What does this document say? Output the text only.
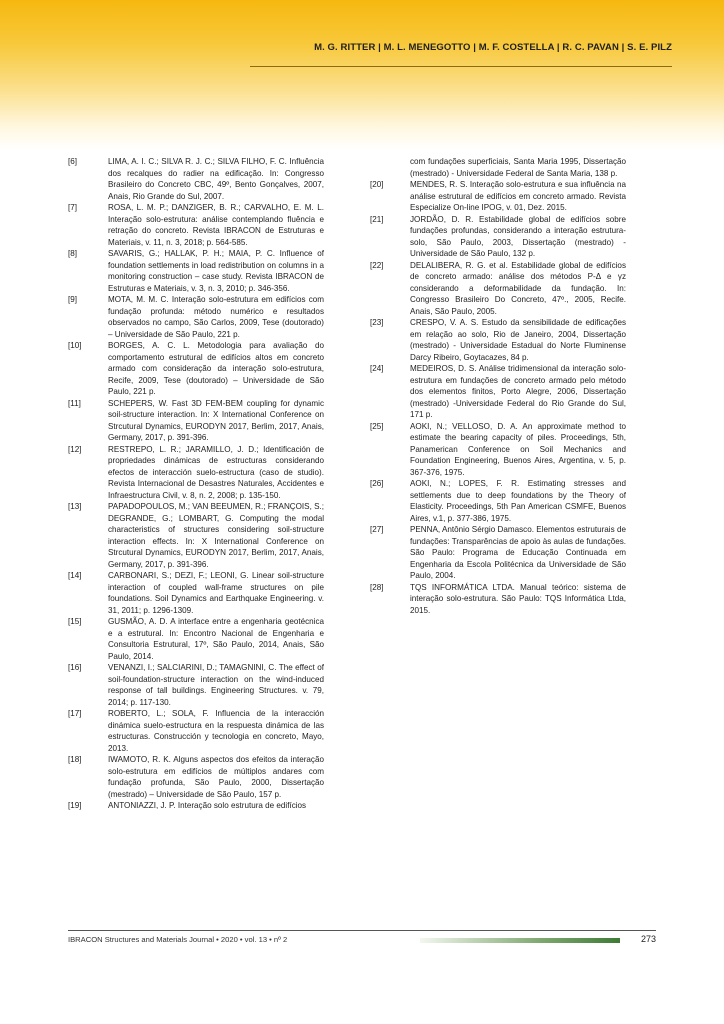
M. G. RITTER | M. L. MENEGOTTO | M. F. COSTELLA | R. C. PAVAN | S. E. PILZ
[6]	LIMA, A. I. C.; SILVA R. J. C.; SILVA FILHO, F. C. Influência dos recalques do radier na edificação. In: Congresso Brasileiro do Concreto CBC, 49º, Bento Gonçalves, 2007, Anais, Rio Grande do Sul, 2007.
[7]	ROSA, L. M. P.; DANZIGER, B. R.; CARVALHO, E. M. L. Interação solo-estrutura: análise contemplando fluência e retração do concreto. Revista IBRACON de Estruturas e Materiais, v. 11, n. 3, 2018; p. 564-585.
[8]	SAVARIS, G.; HALLAK, P. H.; MAIA, P. C. Influence of foundation settlements in load redistribution on columns in a monitoring construction – case study. Revista IBRACON de Estruturas e Materiais, v. 3, n. 3, 2010; p. 346-356.
[9]	MOTA, M. M. C. Interação solo-estrutura em edifícios com fundação profunda: método numérico e resultados observados no campo, São Carlos, 2009, Tese (doutorado) – Universidade de São Paulo, 221 p.
[10]	BORGES, A. C. L. Metodologia para avaliação do comportamento estrutural de edifícios altos em concreto armado com consideração da interação solo-estrutura, Recife, 2009, Tese (doutorado) – Universidade de São Paulo, 221 p.
[11]	SCHEPERS, W. Fast 3D FEM-BEM coupling for dynamic soil-structure interaction. In: X International Conference on Strcutural Dynamics, EURODYN 2017, Berlim, 2017, Anais, Germany, 2017, p. 391-396.
[12]	RESTREPO, L. R.; JARAMILLO, J. D.; Identificación de propriedades dinámicas de estructuras considerando efectos de interacción suelo-estructura (caso de studio). Revista Internacional de Desastres Naturales, Accidentes e Infraestructura Civil, v. 8, n. 2, 2008; p. 135-150.
[13]	PAPADOPOULOS, M.; VAN BEEUMEN, R.; FRANÇOIS, S.; DEGRANDE, G.; LOMBART, G. Computing the modal characteristics of structures considering soil-structure interaction effects. In: X International Conference on Strcutural Dynamics, EURODYN 2017, Berlim, 2017, Anais, Germany, 2017, p. 391-396.
[14]	CARBONARI, S.; DEZI, F.; LEONI, G. Linear soil-structure interaction of coupled wall-frame structures on pile foundations. Soil Dynamics and Earthquake Engineering. v. 31, 2011; p. 1296-1309.
[15]	GUSMÃO, A. D. A interface entre a engenharia geotécnica e a estrutural. In: Encontro Nacional de Engenharia e Consultoria Estrutural, 17º, São Paulo, 2014, Anais, São Paulo, 2014.
[16]	VENANZI, I.; SALCIARINI, D.; TAMAGNINI, C. The effect of soil-foundation-structure interaction on the wind-induced response of tall buildings. Engineering Structures. v. 79, 2014; p. 117-130.
[17]	ROBERTO, L.; SOLA, F. Influencia de la interacción dinámica suelo-estructura en la respuesta dinámica de las estructuras. Construcción y tecnologia en concreto, Mayo, 2013.
[18]	IWAMOTO, R. K. Alguns aspectos dos efeitos da interação solo-estrutura em edifícios de múltiplos andares com fundação profunda, São Paulo, 2000, Dissertação (mestrado) – Universidade de São Paulo, 157 p.
[19]	ANTONIAZZI, J. P. Interação solo estrutura de edifícios
com fundações superficiais, Santa Maria 1995, Dissertação (mestrado) - Universidade Federal de Santa Maria, 138 p.
[20]	MENDES, R. S. Interação solo-estrutura e sua influência na análise estrutural de edifícios em concreto armado. Revista Especialize On-line IPOG, v. 01, Dez. 2015.
[21]	JORDÃO, D. R. Estabilidade global de edifícios sobre fundações profundas, considerando a interação estrutura-solo, São Paulo, 2003, Dissertação (mestrado) - Universidade de São Paulo, 132 p.
[22]	DELALIBERA, R. G. et al. Estabilidade global de edifícios de concreto armado: análise dos métodos P-Δ e γz considerando a deformabilidade da fundação. In: Congresso Brasileiro Do Concreto, 47º., 2005, Recife. Anais, São Paulo, 2005.
[23]	CRESPO, V. A. S. Estudo da sensibilidade de edificações em relação ao solo, Rio de Janeiro, 2004, Dissertação (mestrado) - Universidade Estadual do Norte Fluminense Darcy Ribeiro, Goytacazes, 84 p.
[24]	MEDEIROS, D. S. Análise tridimensional da interação solo-estrutura em fundações de concreto armado pelo método dos elementos finitos, Porto Alegre, 2006, Dissertação (mestrado) -Universidade Federal do Rio Grande do Sul, 171 p.
[25]	AOKI, N.; VELLOSO, D. A. An approximate method to estimate the bearing capacity of piles. Proceedings, 5th, Panamerican Conference on Soil Mechanics and Foundation Engineering, Buenos Aires, Argentina, v. 5, p. 367-376, 1975.
[26]	AOKI, N.; LOPES, F. R. Estimating stresses and settlements due to deep foundations by the Theory of Elasticity. Proceedings, 5th Pan American CSMFE, Buenos Aires, v.1, p. 377-386, 1975.
[27]	PENNA, Antônio Sérgio Damasco. Elementos estruturais de fundações: Transparências de apoio às aulas de fundações. São Paulo: Programa de Educação Continuada em Engenharia da Escola Politécnica da Universidade de São Paulo, 2004.
[28]	TQS INFORMÁTICA LTDA. Manual teórico: sistema de interação solo-estrutura. São Paulo: TQS Informática Ltda, 2015.
IBRACON Structures and Materials Journal • 2020 • vol. 13 • nº 2	273
